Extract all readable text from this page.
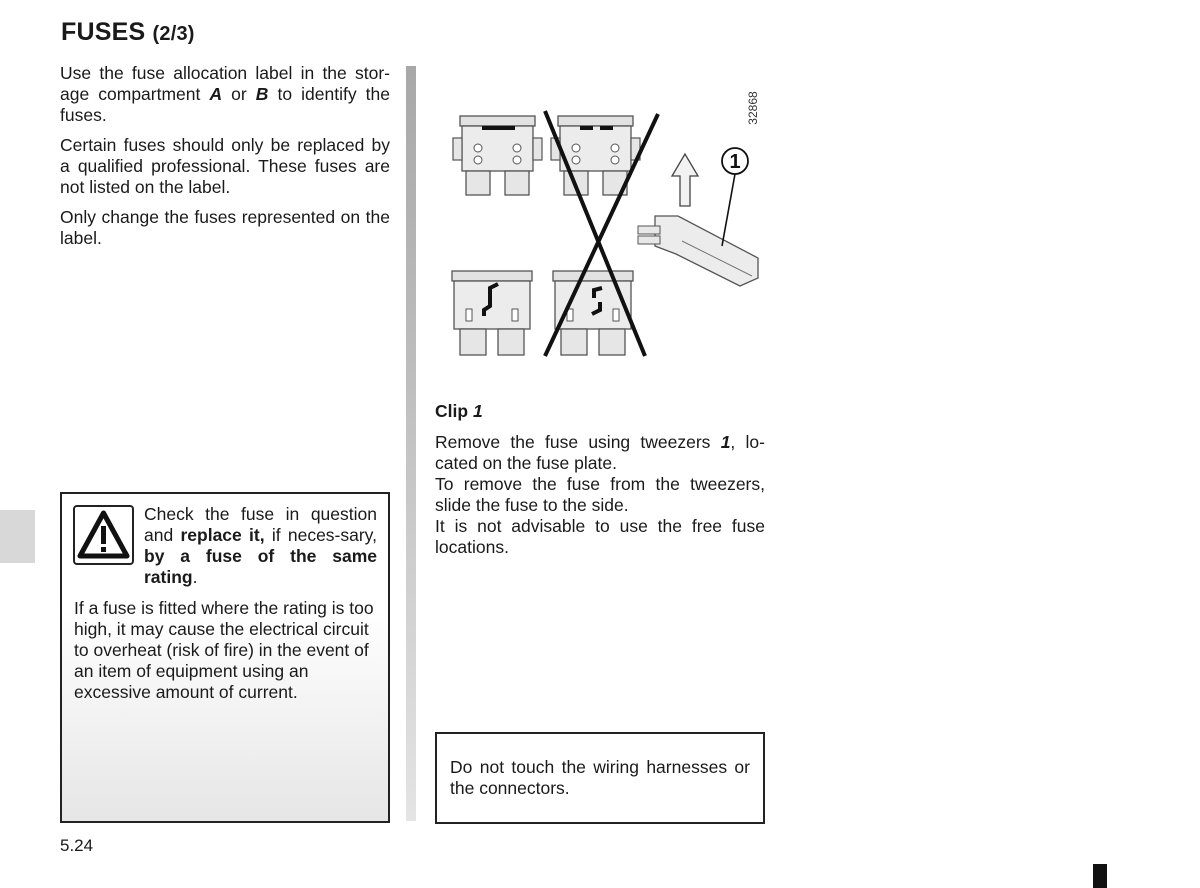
FUSES (2/3)

Use the fuse allocation label in the stor-age compartment A or B to identify the fuses.

Certain fuses should only be replaced by a qualified professional. These fuses are not listed on the label.

Only change the fuses represented on the label.

Check the fuse in question and replace it, if neces-sary, by a fuse of the same rating.

If a fuse is fitted where the rating is too high, it may cause the electrical circuit to overheat (risk of fire) in the event of an item of equipment using an excessive amount of current.

1
32868

Clip 1

Remove the fuse using tweezers 1, lo-cated on the fuse plate.
To remove the fuse from the tweezers, slide the fuse to the side.
It is not advisable to use the free fuse locations.

Do not touch the wiring harnesses or the connectors.

5.24
